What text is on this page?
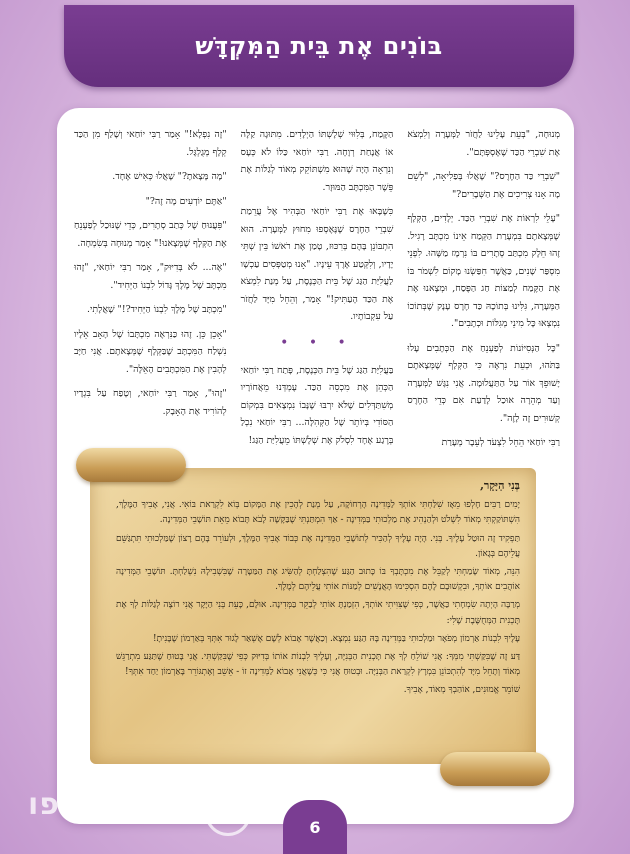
בּוֹנִים אֶת בֵּית הַמִּקְדָּשׁ

מְנוּחָה, "בְּעֵת עָלֵינוּ לַחֲזֹר לַמְּעָרָה וְלִמְצֹא אֶת שִׁבְרֵי הַכַּד שֶׁאֶסְפְּתָּם".

"שִׁבְרֵי כַּד הַחֶרֶס?" שָׁאֲלוּ בְּפַלִיאָה, "לְשֵׁם מָה אָנוּ צְרִיכִים אֶת הַשְּׁבָרִים?"

"עָלֵי לִרְאוֹת אֶת שִׁבְרֵי הַכַּד. יְלָדִים, הַקְּלָף שֶׁמְּצָאתֶם בִּמְעָרַת הַקְּמַח אֵינוֹ מִכְתָּב רָגִיל. זֶהוּ חֵלֶק מִכְתַּב סְתָרִים בּוֹ נִרְמָז מַשֶּׁהוּ. לִפְנֵי מִסְפַּר שָׁנִים, כַּאֲשֶׁר חִפַּשְׂנוּ מָקוֹם לִשְׁמֹר בּוֹ אֶת הַקֶּמַח לְמַצּוֹת חַג הַפֶּסַח, וּמְצָאנוּ אֶת הַמְּעָרָה, גִּלִּינוּ בְּתוֹכָהּ כַּד חֶרֶס עָנָק שֶׁבְּתוֹכוֹ נִמְצְאוּ כָּל מִינֵי מְגִלּוֹת וּכְתָבִים".

"כָּל הַנְּסִיּוֹנוֹת לְפַעְנֵחַ אֶת הַכְּתָבִים עָלוּ בַּתֹּהוּ, וּכְעֵת נִרְאֶה כִּי הַקְּלָף שֶׁמְּצָאתֶם יָשׁוּפֵךְ אוֹר עַל הַתַּעֲלוּמָה. אֲנִי נִגָּשׁ לַמְּעָרָה וְעַד מְהֵרָה אוּכַל לָדַעַת אִם כְּדֵי הַחֶרֶס קְשׁוּרִים זֶה לָזֶה".

רַבִּי יוֹחַאי הֵחֵל לִצְעֹד לְעֵבֶר מְעָרַת

הַקֶּמַח, בְּלִוּוּי שְׁלָשְׁתּוֹ הַיְלָדִים. מִתּוּגָה קַלָּה אוֹ אֲנָחַת רְוָחָה. רַבִּי יוֹחַאי כַּלּוֹ לֹא כְּעָס וְנִרְאָה הָיָה שֶׁהוּא מִשְׁתּוֹקֵק מְאוֹד לְגַלּוֹת אֶת פֵּשֶׁר הַמִּכְתָּב הַמּוּזָר.

כִּשֶׁבָּאוּ אֶת רַבִּי יוֹחַאי הַבְּהִיר אֶל עֲרֵמַת שִׁבְרֵי הַחֶרֶס שֶׁנֶּאֶסְפוּ מִחוּץ לַמְּעָרָה. הוּא הִתְבּוֹנֵן בָּהֶם בְּרִכּוּז, טָמַן אֶת רֹאשׁוֹ בֵּין שְׁתֵּי יָדָיו, וְלִקְּטַע אֶרֶךְ עֵינָיו. "אָנוּ מְטַפְּסִים עַכְשָׁו לַעֲלִיַּת הַגַּג שֶׁל בֵּית הַכְּנֶסֶת, עַל מְנַת לִמְצֹא אֶת הַכַּד הָעַתִּיק!" אָמַר, וְהֵחֵל מִיָּד לַחֲזֹר עַל עִקְבוֹתָיו.

• • •

בַּעֲלִיַּת הַגַּג שֶׁל בֵּית הַכְּנֶסֶת, פָּתַח רַבִּי יוֹחַאי הַכְּהֵן אֶת מִכְסֵה הַכַּד. עֶמְדְּנוּ מֵאֲחוֹרָיו מְשִׁתַּדְּלִים שֶׁלֹּא יִרְבּוּ שֶׁנָּבוֹ נִמְצָאִים בִּמְקוֹם הַסּוֹדִי בְּיוֹתֵר שֶׁל הַקְּהִלָּה... רַבִּי יוֹחַאי נִכְלַ בְּרֶגַע אֶחָד לִסְלֹק אֶת שְׁלָשְׁתּוֹ מֵעֲלִיַּת הַגַּג!

"זֶה נִפְלָא!" אָמַר רַבִּי יוֹחַאי וְשָׁלַף מִן הַכַּד קְלָף מְגֻלְגָּל.

"מָה מָּצָאתָ?" שָׁאֲלוּ כְּאִישׁ אֶחָד.

"אַתֶּם יוֹדְעִים מָה זֶה?"

"פִּעֲנוּחַ שֶׁל כְּתַב סְתָרִים, כְּדֵי שֶׁנּוּכַל לְפַעְנֵחַ אֶת הַקְּלָף שֶׁמְּצָאנוּ!" אָמַר מְנוּחָה בְּשִׂמְחָה.

"אֶה... לֹא בְּדִיּוּק", אָמַר רַבִּי יוֹחַאי, "זֶהוּ מִכְתָּב שֶׁל מֶלֶךְ גָּדוֹל לִבְנוֹ הַיְּחִיד".

"מִכְתָּב שֶׁל מֶלֶךְ לִבְנוֹ הַיְּחִיד?!" שָׁאֲלָתִי.

"אָכֵן כֵּן. זֶהוּ כַּנִּרְאֶה מִכְתָּבוֹ שֶׁל הָאָב אֵלָיו נִשְׁלַח הַמִּכְתָּב שֶׁבַּקְּלָף שֶׁמְּצָאתֶם. אֲנִי חַיָּב לְהָבִין אֶת הַמִּכְתָּבִים הָאֵלֶּה".

"זֶהוּ", אָמַר רַבִּי יוֹחַאי, וְטָפַח עַל בִּגְדָיו לְהוֹרִיד אֶת הָאָבָק.

בְּנִי הַיָּקָר,

יָמִים רַבִּים חָלְפוּ מֵאָז שִׁלַּחְתִּי אוֹתְךָ לַמְּדִינָה הָרְחוֹקָה, עַל מְנַת לְהָכִין אֶת הַמָּקוֹם בְּוֹא לִקְרַאת בּוֹאִי. אֲנִי, אָבִיךָ הַמֶּלֶךְ, הִשְׁתּוֹקַקְתִּי מְאוֹד לִשְׁלֹט וּלְהַנְהִיג אֶת מַלְכוּתִי בַּמְּדִינָה - אַךְ הִמְתַּנְתִּי שֶׁבַּקָּשָׁה לָבֹא תָּבוֹא מֵאֵת תּוֹשָׁבֵי הַמְּדִינָה.

תַּפְקִיד זֶה הוּטַל עָלֶיךָ. בְּנִי. הָיָה עָלֶיךָ לְהַכִּיר לְתוֹשָׁבֵי הַמְּדִינָה אֶת כְּבוֹד אָבִיךָ הַמֶּלֶךְ, וּלְעוֹרֵר בָּהֶם רָצוֹן שֶׁמַּלְכוּתִי תִּתְגַּשֵּׁם עֲלֵיהֶם בְּגָאוֹן.

הִנֵּה, מְאוֹד שָׂמַחְתִּי לְקַבֵּל אֶת מִכְתָּבְךָ בּוֹ כָּתוּב הַגַּע שֶׁהִצְלַחְתָּ לְהַשִּׂיג אֶת הַמַּטָּרָה שֶׁבִּשְׁבִילָהּ נִשְׁלַחְתָּ. תּוֹשָׁבֵי הַמְּדִינָה אוֹהֲבִים אוֹתְךָ, וּבִקְשׁוּבָם לָהֶם הִסְכִּימוּ הָאֲנָשִׁים לְמַנּוֹת אוֹתִי עֲלֵיהֶם לְמֶלֶךְ.

מְרַבָּה הָיְתָה שִׂמְחָתִי כַּאֲשֶׁר, כְּפִי שֶׁצִּוִּיתִי אוֹתְךָ, הִזְמַנְתָּ אוֹתִי לְבַקֵּר בַּמְּדִינָה. אוּלָם, כָּעֵת בְּנִי הַיָּקָר אֲנִי רוֹצֶה לְגַלּוֹת לְךָ אֶת תָּכְנִית הַמְּחֻשֶּׁבֶת שֶׁלִּי:

עָלֶיךָ לִבְנוֹת אַרְמוֹן מְפֹאָר וּמַלְכוּתִי בַּמְּדִינָה בָּהּ הַגַּע נִמְצָא. וְכַאֲשֶׁר אָבוֹא לְשָׁם אֶשְׁאַר לָגוּר אִתְּךָ בְּאַרְמוֹן שֶׁבָּנִיתָ!

דַּע זֶה שֶׁבִּקַּשְׁתִּי מִמְּךָ: אֲנִי שׁוֹלֵחַ לְךָ אֶת תָּכְנִית הַבְּנִיָּה, וְעָלֶיךָ לִבְנוֹת אוֹתוֹ בְּדִיּוּק כְּפִי שֶׁבִּקַּשְׁתִּי. אֲנִי בָּטוּחַ שֶׁתַּגַּע מִתְרַגֵּשׁ מְאוֹד וְתָחֵל מִיָּד לְהִתְכּוֹנֵן בִּמְרָץ לִקְרַאת הַבְּנִיָּה. וּבְטוּחַ אֲנִי כִּי כְּשֶׁאֲנִי אָבוֹא לַמְּדִינָה זוֹ - אֵשֵׁב וְאֶתְגּוֹרֵר בָּאַרְמוֹן יַחַד אִתְּךָ!

שׁוֹמֵר אֱמוּנִים, אוֹהַבְךָ מְאוֹד, אָבִיךָ.

חב"דאינפו
6
